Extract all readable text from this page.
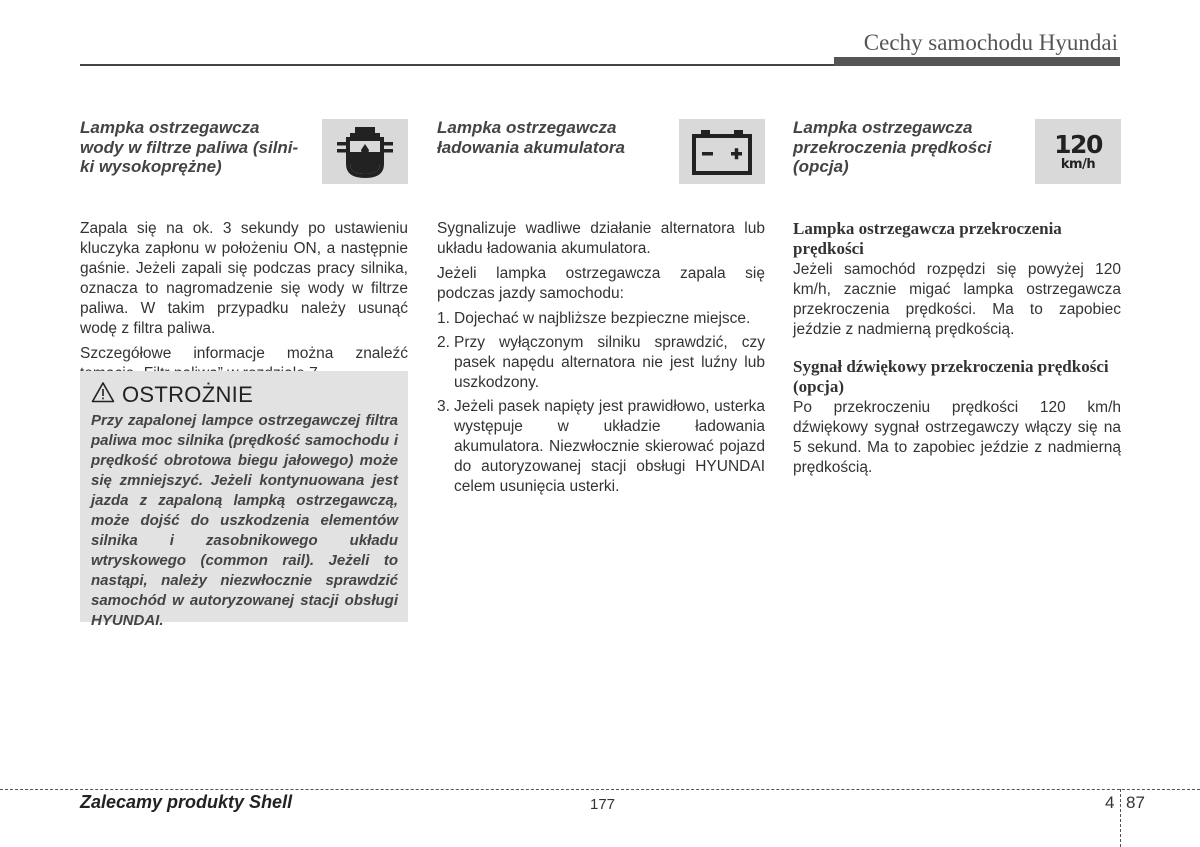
Cechy samochodu Hyundai

Lampka ostrzegawcza

wody w filtrze paliwa (silni-

ki wysokoprężne)

Zapala się na ok. 3 sekundy po ustawieniu kluczyka zapłonu w położeniu ON, a następnie gaśnie. Jeżeli zapali się podczas pracy silnika, oznacza to nagromadzenie się wody w filtrze paliwa. W takim przypadku należy usunąć wodę z filtra paliwa.

Szczegółowe informacje można znaleźć

OSTROŻNIE

Przy zapalonej lampce ostrzegawczej filtra paliwa moc silnika (prędkość samochodu i prędkość obrotowa biegu jałowego) może się zmniejszyć. Jeżeli kontynuowana jest jazda z zapaloną lampką ostrzegawczą, może dojść do uszkodzenia elementów silnika i zasobnikowego układu wtryskowego (common rail). Jeżeli to nastąpi, należy niezwłocznie sprawdzić samochód w autoryzowanej stacji obsługi HYUNDAI.

Lampka ostrzegawcza

ładowania akumulatora

Sygnalizuje wadliwe działanie alternatora lub układu ładowania akumulatora.

Jeżeli lampka ostrzegawcza zapala się podczas jazdy samochodu:

1. Dojechać w najbliższe bezpieczne miejsce.
2. Przy wyłączonym silniku sprawdzić, czy pasek napędu alternatora nie jest luźny lub uszkodzony.
3. Jeżeli pasek napięty jest prawidłowo, usterka występuje w układzie ładowania akumulatora. Niezwłocznie skierować pojazd do autoryzowanej stacji obsługi HYUNDAI celem usunięcia usterki.

Lampka ostrzegawcza

przekroczenia prędkości

(opcja)

120
km/h
Lampka ostrzegawcza przekroczenia prędkości

Jeżeli samochód rozpędzi się powyżej 120 km/h, zacznie migać lampka ostrzegawcza przekroczenia prędkości. Ma to zapobiec jeździe z nadmierną prędkością.

Sygnał dźwiękowy przekroczenia prędkości (opcja)

Po przekroczeniu prędkości 120 km/h dźwiękowy sygnał ostrzegawczy włączy się na 5 sekund. Ma to zapobiec jeździe z nadmierną prędkością.

Zalecamy produkty Shell	177	4 87
